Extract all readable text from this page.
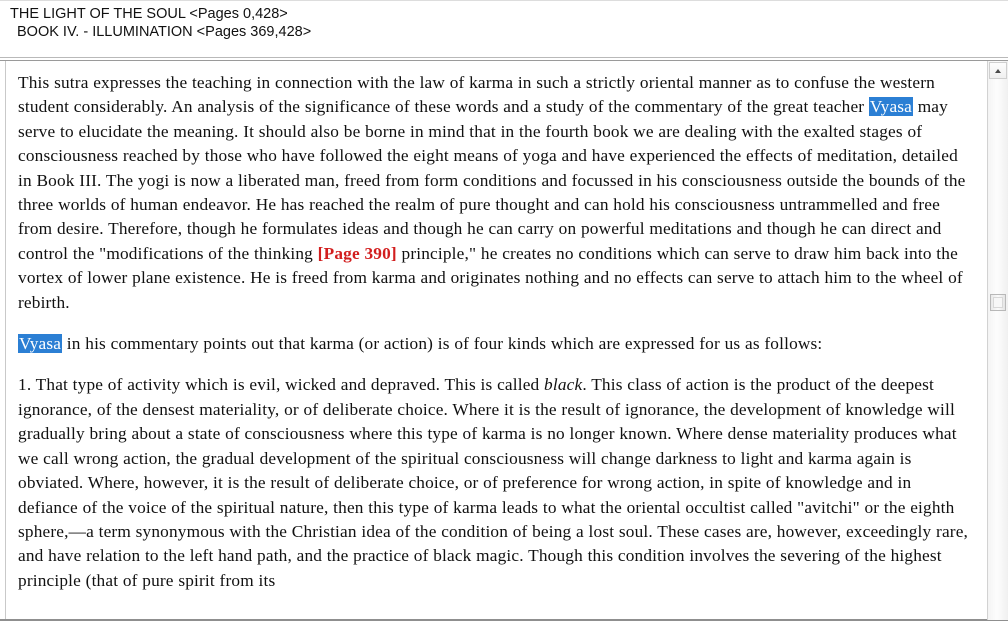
THE LIGHT OF THE SOUL <Pages 0,428>
BOOK IV. - ILLUMINATION <Pages 369,428>

This sutra expresses the teaching in connection with the law of karma in such a strictly oriental manner as to confuse the western student considerably. An analysis of the significance of these words and a study of the commentary of the great teacher Vyasa may serve to elucidate the meaning. It should also be borne in mind that in the fourth book we are dealing with the exalted stages of consciousness reached by those who have followed the eight means of yoga and have experienced the effects of meditation, detailed in Book III. The yogi is now a liberated man, freed from form conditions and focussed in his consciousness outside the bounds of the three worlds of human endeavor. He has reached the realm of pure thought and can hold his consciousness untrammelled and free from desire. Therefore, though he formulates ideas and though he can carry on powerful meditations and though he can direct and control the "modifications of the thinking [Page 390] principle," he creates no conditions which can serve to draw him back into the vortex of lower plane existence. He is freed from karma and originates nothing and no effects can serve to attach him to the wheel of rebirth.

Vyasa in his commentary points out that karma (or action) is of four kinds which are expressed for us as follows:

1. That type of activity which is evil, wicked and depraved. This is called black. This class of action is the product of the deepest ignorance, of the densest materiality, or of deliberate choice. Where it is the result of ignorance, the development of knowledge will gradually bring about a state of consciousness where this type of karma is no longer known. Where dense materiality produces what we call wrong action, the gradual development of the spiritual consciousness will change darkness to light and karma again is obviated. Where, however, it is the result of deliberate choice, or of preference for wrong action, in spite of knowledge and in defiance of the voice of the spiritual nature, then this type of karma leads to what the oriental occultist called "avitchi" or the eighth sphere,—a term synonymous with the Christian idea of the condition of being a lost soul. These cases are, however, exceedingly rare, and have relation to the left hand path, and the practice of black magic. Though this condition involves the severing of the highest principle (that of pure spirit from its
